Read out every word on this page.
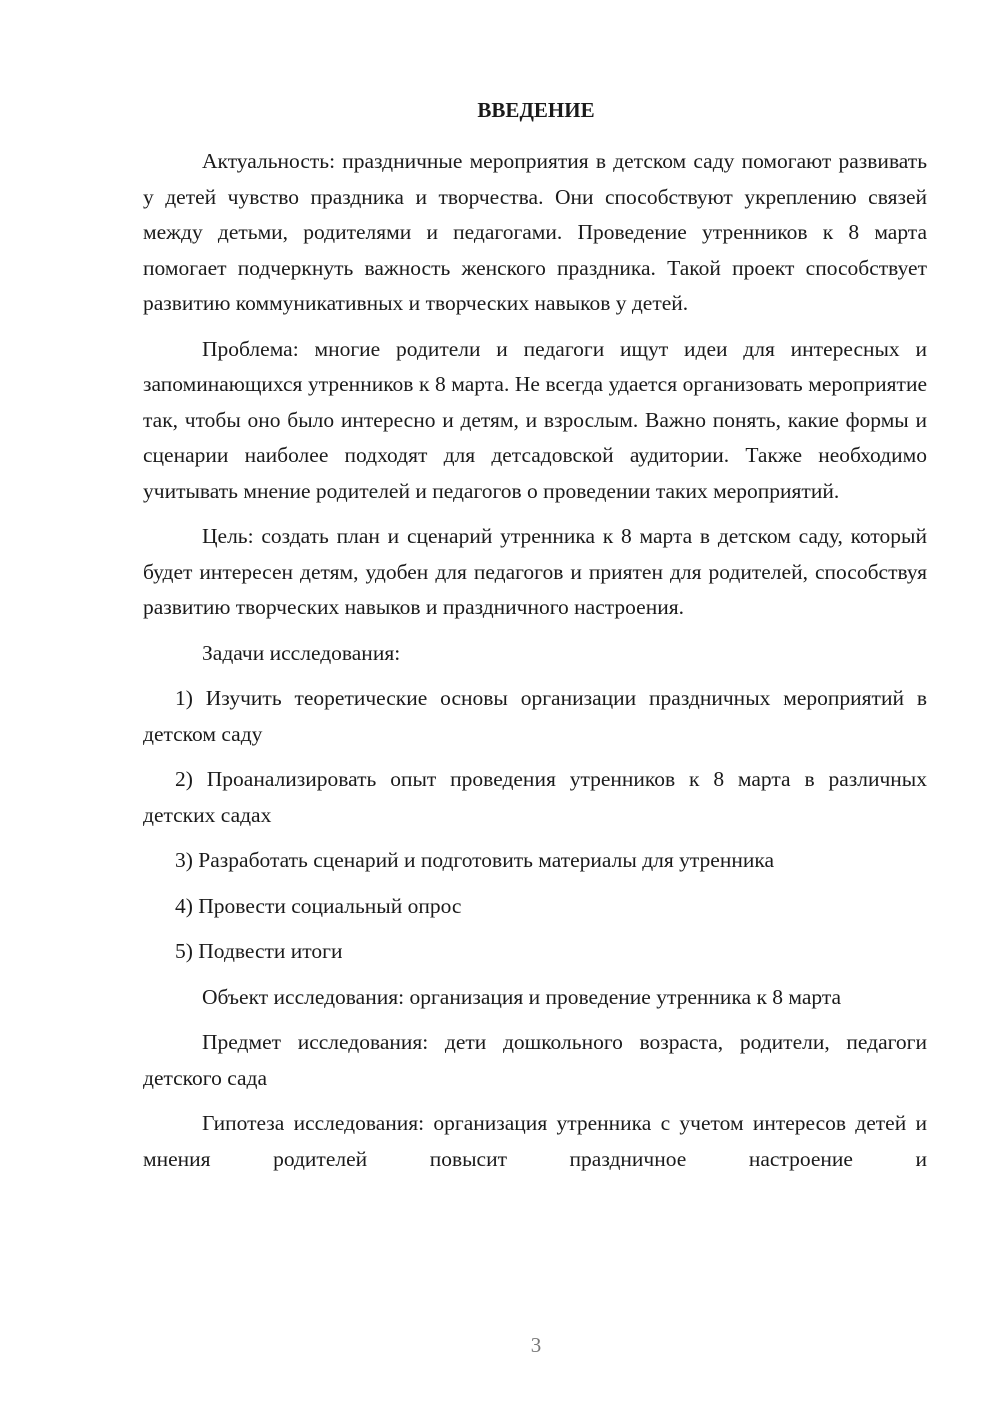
ВВЕДЕНИЕ

Актуальность: праздничные мероприятия в детском саду помогают развивать у детей чувство праздника и творчества. Они способствуют укреплению связей между детьми, родителями и педагогами. Проведение утренников к 8 марта помогает подчеркнуть важность женского праздника. Такой проект способствует развитию коммуникативных и творческих навыков у детей.

Проблема: многие родители и педагоги ищут идеи для интересных и запоминающихся утренников к 8 марта. Не всегда удается организовать мероприятие так, чтобы оно было интересно и детям, и взрослым. Важно понять, какие формы и сценарии наиболее подходят для детсадовской аудитории. Также необходимо учитывать мнение родителей и педагогов о проведении таких мероприятий.

Цель: создать план и сценарий утренника к 8 марта в детском саду, который будет интересен детям, удобен для педагогов и приятен для родителей, способствуя развитию творческих навыков и праздничного настроения.

Задачи исследования:

1) Изучить теоретические основы организации праздничных мероприятий в детском саду

2) Проанализировать опыт проведения утренников к 8 марта в различных детских садах

3) Разработать сценарий и подготовить материалы для утренника

4) Провести социальный опрос

5) Подвести итоги

Объект исследования: организация и проведение утренника к 8 марта

Предмет исследования: дети дошкольного возраста, родители, педагоги детского сада

Гипотеза исследования: организация утренника с учетом интересов детей и мнения родителей повысит праздничное настроение и

3
